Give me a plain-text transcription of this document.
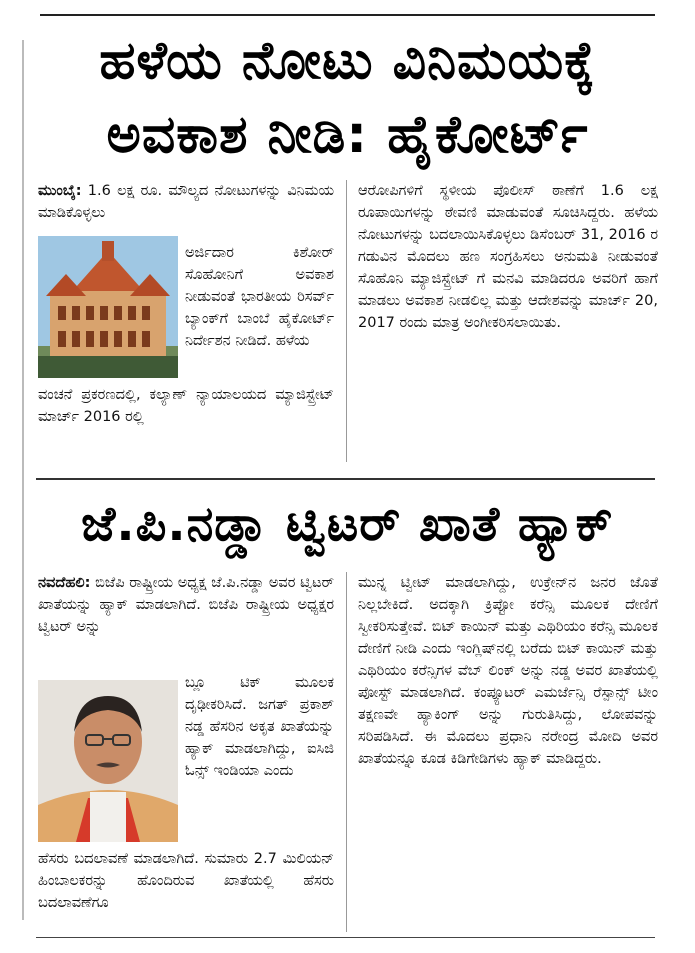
ಹಳೆಯ ನೋಟು ವಿನಿಮಯಕ್ಕೆ
ಅವಕಾಶ ನೀಡಿ: ಹೈಕೋರ್ಟ್
ಮುಂಬೈ: 1.6 ಲಕ್ಷ ರೂ. ಮೌಲ್ಯದ ನೋಟುಗಳನ್ನು ವಿನಿಮಯ ಮಾಡಿಕೊಳ್ಳಲು
ಅರ್ಜಿದಾರ ಕಿಶೋರ್ ಸೊಹೋನಿಗೆ ಅವಕಾಶ ನೀಡುವಂತೆ ಭಾರತೀಯ ರಿಸರ್ವ್ ಬ್ಯಾಂಕ್‌ಗೆ ಬಾಂಬೆ ಹೈಕೋರ್ಟ್ ನಿರ್ದೇಶನ ನೀಡಿದೆ. ಹಳೆಯ
ವಂಚನೆ ಪ್ರಕರಣದಲ್ಲಿ, ಕಲ್ಯಾಣ್ ನ್ಯಾಯಾಲಯದ ಮ್ಯಾಜಿಸ್ಟ್ರೇಟ್ ಮಾರ್ಚ್ 2016 ರಲ್ಲಿ
ಆರೋಪಿಗಳಿಗೆ ಸ್ಥಳೀಯ ಪೊಲೀಸ್ ಠಾಣೆಗೆ 1.6 ಲಕ್ಷ ರೂಪಾಯಿಗಳನ್ನು ಠೇವಣಿ ಮಾಡುವಂತೆ ಸೂಚಿಸಿದ್ದರು. ಹಳೆಯ ನೋಟುಗಳನ್ನು ಬದಲಾಯಿಸಿಕೊಳ್ಳಲು ಡಿಸೆಂಬರ್ 31, 2016 ರ ಗಡುವಿನ ಮೊದಲು ಹಣ ಸಂಗ್ರಹಿಸಲು ಅನುಮತಿ ನೀಡುವಂತೆ ಸೊಹೊನಿ ಮ್ಯಾಜಿಸ್ಟ್ರೇಟ್ ಗೆ ಮನವಿ ಮಾಡಿದರೂ ಅವರಿಗೆ ಹಾಗೆ ಮಾಡಲು ಅವಕಾಶ ನೀಡಲಿಲ್ಲ ಮತ್ತು ಆದೇಶವನ್ನು ಮಾರ್ಚ್ 20, 2017 ರಂದು ಮಾತ್ರ ಅಂಗೀಕರಿಸಲಾಯಿತು.
ಜೆ.ಪಿ.ನಡ್ಡಾ ಟ್ವಿಟರ್ ಖಾತೆ ಹ್ಯಾಕ್
ನವದೆಹಲಿ: ಬಿಜೆಪಿ ರಾಷ್ಟ್ರೀಯ ಅಧ್ಯಕ್ಷ ಜೆ.ಪಿ.ನಡ್ಡಾ ಅವರ ಟ್ವಿಟರ್ ಖಾತೆಯನ್ನು ಹ್ಯಾಕ್ ಮಾಡಲಾಗಿದೆ. ಬಿಜೆಪಿ ರಾಷ್ಟ್ರೀಯ ಅಧ್ಯಕ್ಷರ ಟ್ವಿಟರ್ ಅನ್ನು
ಬ್ಲೂ ಟಿಕ್ ಮೂಲಕ ದೃಢೀಕರಿಸಿದೆ. ಜಗತ್ ಪ್ರಕಾಶ್ ನಡ್ಡ ಹೆಸರಿನ ಅಕೃತ ಖಾತೆಯನ್ನು ಹ್ಯಾಕ್ ಮಾಡಲಾಗಿದ್ದು, ಐಸಿಜಿ ಓನ್ಸ್ ಇಂಡಿಯಾ ಎಂದು
ಹೆಸರು ಬದಲಾವಣೆ ಮಾಡಲಾಗಿದೆ. ಸುಮಾರು 2.7 ಮಿಲಿಯನ್ ಹಿಂಬಾಲಕರನ್ನು ಹೊಂದಿರುವ ಖಾತೆಯಲ್ಲಿ ಹೆಸರು ಬದಲಾವಣೆಗೂ
ಮುನ್ನ ಟ್ವೀಟ್ ಮಾಡಲಾಗಿದ್ದು, ಉಕ್ರೇನ್‌ನ ಜನರ ಜೊತೆ ನಿಲ್ಲಬೇಕಿದೆ. ಅದಕ್ಕಾಗಿ ಕ್ರಿಪ್ಟೋ ಕರೆನ್ಸಿ ಮೂಲಕ ದೇಣಿಗೆ ಸ್ವೀಕರಿಸುತ್ತೇವೆ. ಬಿಟ್ ಕಾಯಿನ್ ಮತ್ತು ಎಥಿರಿಯಂ ಕರೆನ್ಸಿ ಮೂಲಕ ದೇಣಿಗೆ ನೀಡಿ ಎಂದು ಇಂಗ್ಲಿಷ್‌ನಲ್ಲಿ ಬರೆದು ಬಿಟ್ ಕಾಯಿನ್ ಮತ್ತು ಎಥಿರಿಯಂ ಕರೆನ್ಸಿಗಳ ವೆಬ್ ಲಿಂಕ್ ಅನ್ನು ನಡ್ಡ ಅವರ ಖಾತೆಯಲ್ಲಿ ಪೋಸ್ಟ್ ಮಾಡಲಾಗಿದೆ. ಕಂಪ್ಯೂಟರ್ ಎಮರ್ಜೆನ್ಸಿ ರೆಸ್ಪಾನ್ಸ್ ಟೀಂ ತಕ್ಷಣವೇ ಹ್ಯಾಕಿಂಗ್ ಅನ್ನು ಗುರುತಿಸಿದ್ದು, ಲೋಪವನ್ನು ಸರಿಪಡಿಸಿದೆ. ಈ ಮೊದಲು ಪ್ರಧಾನಿ ನರೇಂದ್ರ ಮೋದಿ ಅವರ ಖಾತೆಯನ್ನೂ ಕೂಡ ಕಿಡಿಗೇಡಿಗಳು ಹ್ಯಾಕ್ ಮಾಡಿದ್ದರು.
